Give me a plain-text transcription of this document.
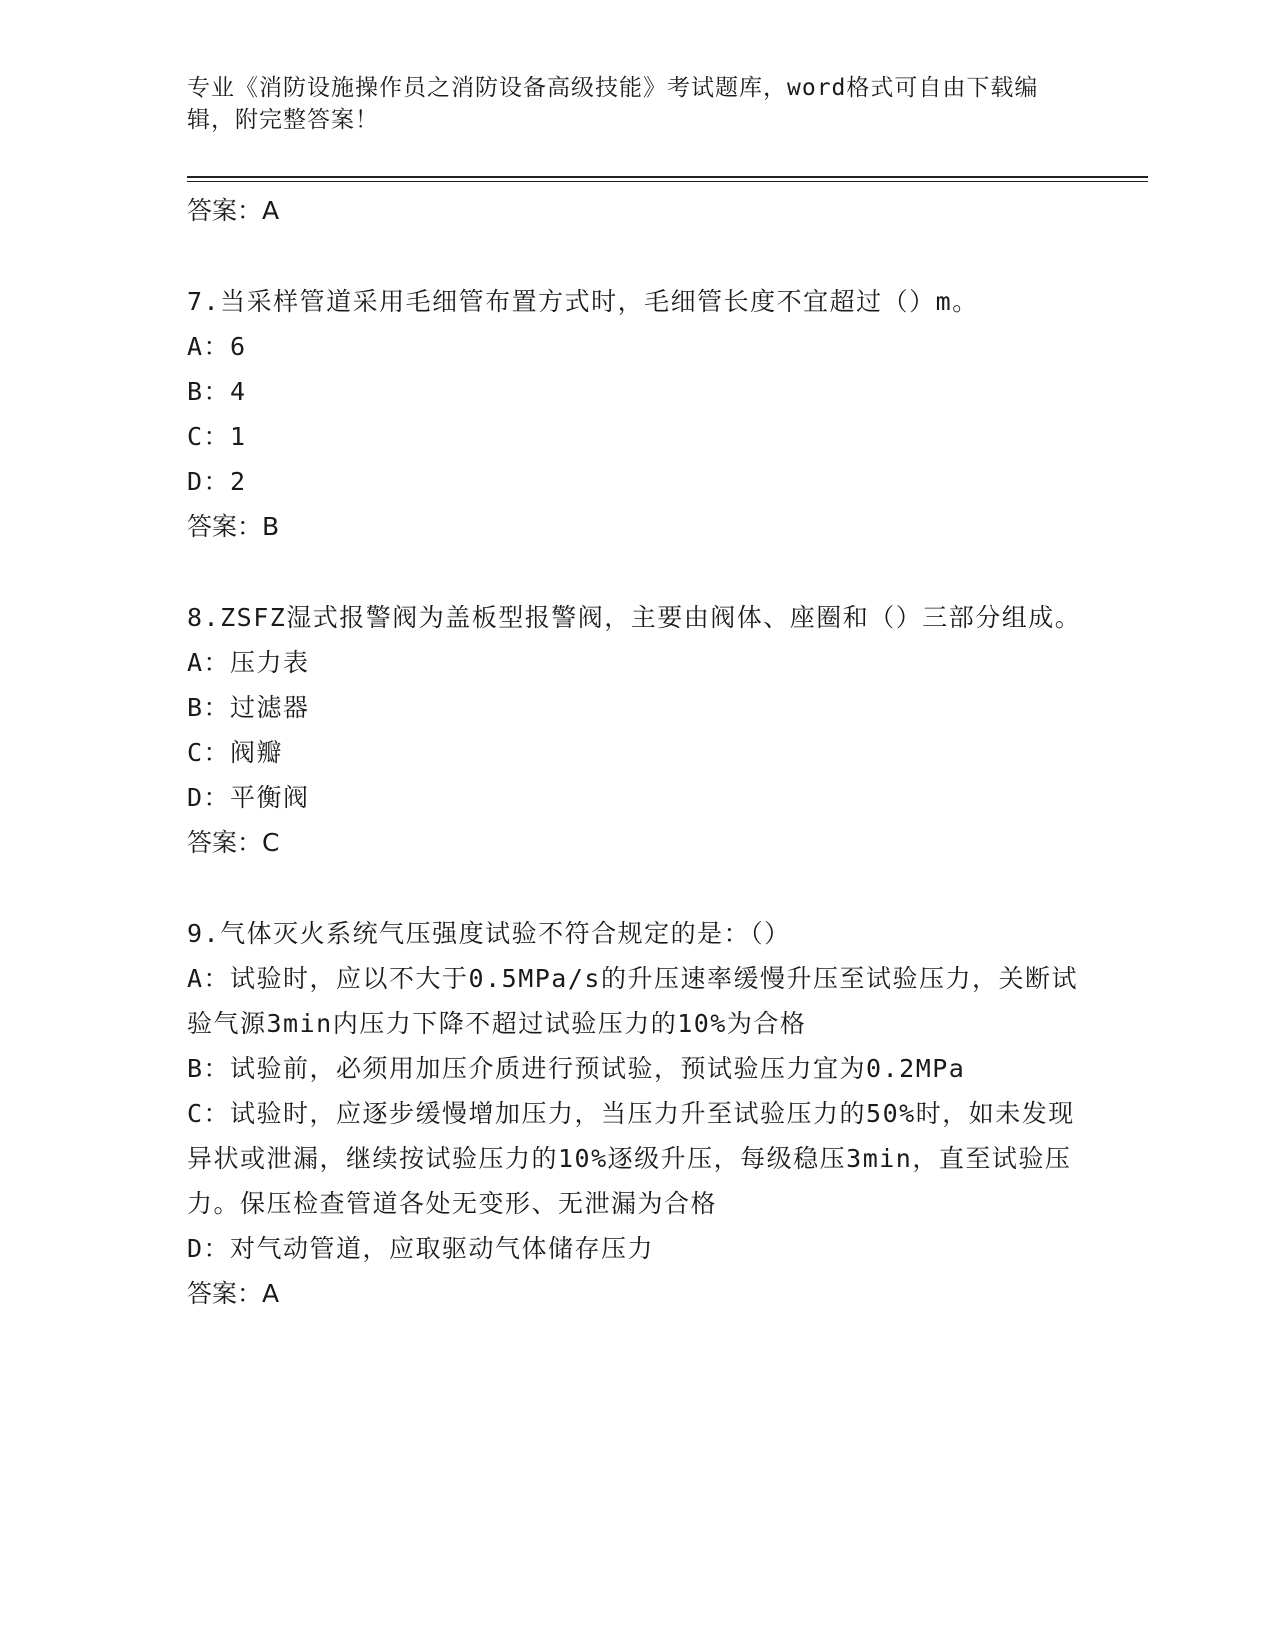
专业《消防设施操作员之消防设备高级技能》考试题库，word格式可自由下载编辑，附完整答案！
答案：A

7.当采样管道采用毛细管布置方式时，毛细管长度不宜超过（）m。

A：6

B：4

C：1

D：2

答案：B

8.ZSFZ湿式报警阀为盖板型报警阀，主要由阀体、座圈和（）三部分组成。

A：压力表

B：过滤器

C：阀瓣

D：平衡阀

答案：C

9.气体灭火系统气压强度试验不符合规定的是：（）

A：试验时，应以不大于0.5MPa/s的升压速率缓慢升压至试验压力，关断试验气源3min内压力下降不超过试验压力的10%为合格

B：试验前，必须用加压介质进行预试验，预试验压力宜为0.2MPa

C：试验时，应逐步缓慢增加压力，当压力升至试验压力的50%时，如未发现异状或泄漏，继续按试验压力的10%逐级升压，每级稳压3min，直至试验压力。保压检查管道各处无变形、无泄漏为合格

D：对气动管道，应取驱动气体储存压力

答案：A
